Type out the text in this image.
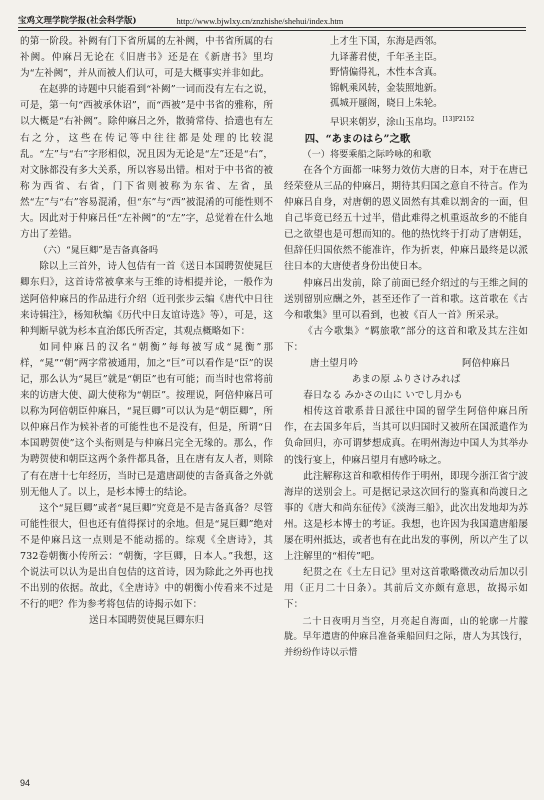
宝鸡文理学院学报(社会科学版)	http://www.bjwlxy.cn/znzhishe/shehui/index.htm

的第一阶段。补阙有门下省所属的左补阙，中书省所属的右补阙。仲麻吕无论在《旧唐书》还是在《新唐书》里均为“左补阙”，并从而被人们认可，可是大概事实并非如此。

在赵骅的诗题中只能看到“补阙”一词而没有左右之说，可是，第一句“西被承休诏”，而“西被”是中书省的雅称，所以大概是“右补阙”。除仲麻吕之外，散骑常侍、拾遗也有左右之分，这些在传记等中往往都是处理的比较混乱。“左”与“右”字形相似，况且因为无论是“左”还是“右”，对文脉都没有多大关系，所以容易出错。相对于中书省的被称为西省、右省，门下省则被称为东省、左省，虽然“左”与“右”容易混淆，但“东”与“西”被混淆的可能性则不大。因此对于仲麻吕任“左补阙”的“左”字，总觉着在什么地方出了差错。

（六）“晁巨卿”是吉备真备吗

除以上三首外，诗人包佶有一首《送日本国聘贺使晁巨卿东归》，这首诗常被拿来与王维的诗相提并论，一般作为送阿倍仲麻吕的作品进行介绍（近刊张步云编《唐代中日往来诗辑注》，杨知秋编《历代中日友谊诗选》等），可是，这种判断早就为杉本直治郎氏所否定，其观点概略如下：

如同仲麻吕的汉名“朝衡”每每被写成“晁衡”那样，“晁”“朝”两字常被通用，加之“巨”可以看作是“臣”的误记，那么认为“晁巨”就是“朝臣”也有可能；而当时也常将前来的访唐大使、副大使称为“朝臣”。按理说，阿倍仲麻吕可以称为阿倍朝臣仲麻吕，“晁巨卿”可以认为是“朝臣卿”，所以仲麻吕作为候补者的可能性也不是没有，但是，所谓“日本国聘贺使”这个头衔则是与仲麻吕完全无缘的。那么，作为聘贺使和朝臣这两个条件都具备，且在唐有友人者，则除了有在唐十七年经历，当时已是遣唐副使的吉备真备之外就别无他人了。以上，是杉本博士的结论。

这个“晁巨卿”或者“晁巨卿”究竟是不是吉备真备？尽管可能性很大，但也还有值得探讨的余地。但是“晁巨卿”绝对不是仲麻吕这一点则是不能动摇的。综观《全唐诗》，其732卷朝衡小传所云：“朝衡，字巨卿，日本人。”我想，这个说法可以认为是出自包佶的这首诗，因为除此之外再也找不出别的依据。故此，《全唐诗》中的朝衡小传看来不过是不行的吧？作为参考将包佶的诗揭示如下：

送日本国聘贺使晁巨卿东归

上才生下国，东海是西邻。
九译蕃君使，千年圣主臣。
野情偏得礼，木性本含真。
锦帆乘风转，金装照地新。
孤城开蜃阁，晓日上朱轮。
早识来朝岁，涂山玉帛均。$^{[13]P2152}$

四、“あまのはら”之歌

（一）将要乘船之际吟咏的和歌

在各个方面都一味努力效仿大唐的日本，对于在唐已经荣登从三品的仲麻吕，期待其归国之意自不待言。作为仲麻吕自身，对唐朝的恩义固然有其难以割舍的一面，但自己毕竟已经五十过半，借此难得之机重返故乡的不能自已之欲望也是可想而知的。他的热忱终于打动了唐朝廷，但辞任归国依然不能准许，作为折衷，仲麻吕最终是以派往日本的大唐使者身份出使日本。

仲麻吕出发前，除了前面已经介绍过的与王维之间的送别留别应酬之外，甚至还作了一首和歌。这首歌在《古今和歌集》里可以看到，也被《百人一首》所采录。

《古今歌集》“羁旅歌”部分的这首和歌及其左注如下：

唐土望月吟	阿倍仲麻吕

あまの原 ふりさけみれば

春日なる みかさの山に いでし月かも

相传这首歌系昔日派往中国的留学生阿倍仲麻吕所作，在去国多年后，当其可以归国时又被所在国派遣作为负命回归，亦可谓梦想成真。在明州海边中国人为其举办的饯行宴上，仲麻吕望月有感吟咏之。

此注解称这首和歌相传作于明州，即现今浙江省宁波海岸的送别会上。可是据记录这次回行的鉴真和尚渡日之事的《唐大和尚东征传》《淡海三船》，此次出发地却为苏州。这是杉本博士的考证。我想，也许因为我国遣唐船屡屡在明州抵达，或者也有在此出发的事例，所以产生了以上注解里的“相传”吧。

纪贯之在《土左日记》里对这首歌略微改动后加以引用（正月二十日条）。其前后文亦颇有意思，故揭示如下：

二十日夜明月当空，月亮起自海面，山的轮廓一片朦胧。早年遣唐的仲麻吕准备乘船回归之际，唐人为其饯行，并纷纷作诗以示惜

94
